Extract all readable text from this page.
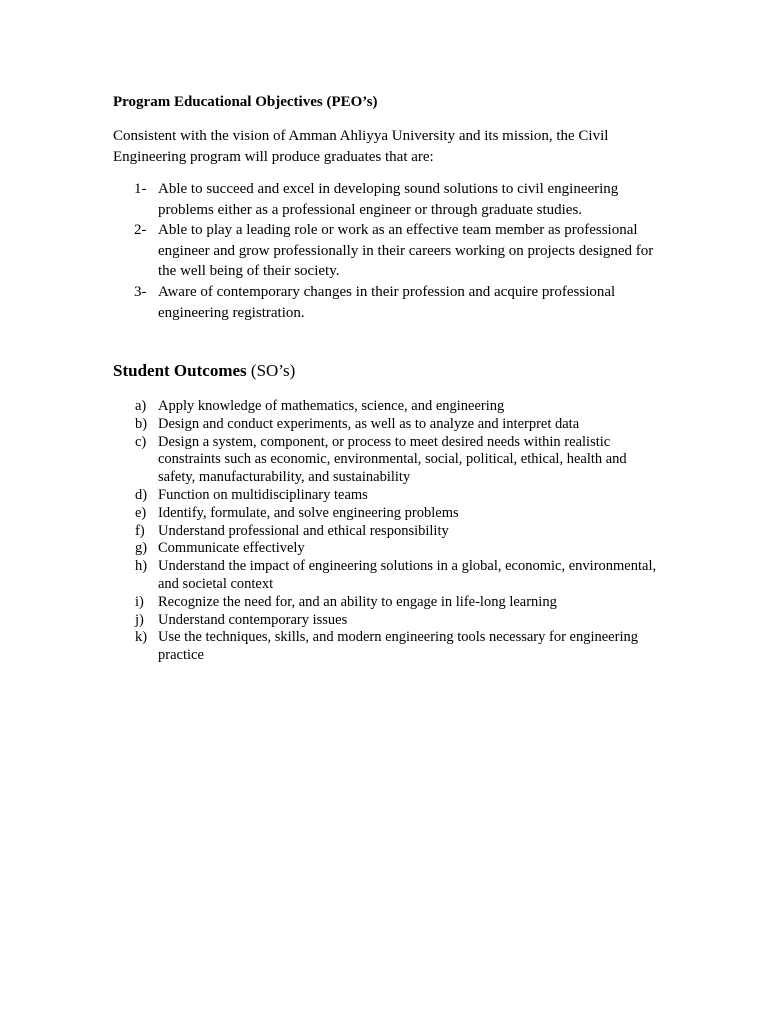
Program Educational Objectives (PEO’s)

Consistent with the vision of Amman Ahliyya University and its mission, the Civil Engineering program will produce graduates that are:

1- Able to succeed and excel in developing sound solutions to civil engineering problems either as a professional engineer or through graduate studies.
2- Able to play a leading role or work as an effective team member as professional engineer and grow professionally in their careers working on projects designed for the well being of their society.
3- Aware of contemporary changes in their profession and acquire professional engineering registration.
Student Outcomes (SO’s)
a) Apply knowledge of mathematics, science, and engineering
b) Design and conduct experiments, as well as to analyze and interpret data
c) Design a system, component, or process to meet desired needs within realistic constraints such as economic, environmental, social, political, ethical, health and safety, manufacturability, and sustainability
d) Function on multidisciplinary teams
e) Identify, formulate, and solve engineering problems
f) Understand professional and ethical responsibility
g) Communicate effectively
h) Understand the impact of engineering solutions in a global, economic, environmental, and societal context
i) Recognize the need for, and an ability to engage in life-long learning
j) Understand contemporary issues
k) Use the techniques, skills, and modern engineering tools necessary for engineering practice
